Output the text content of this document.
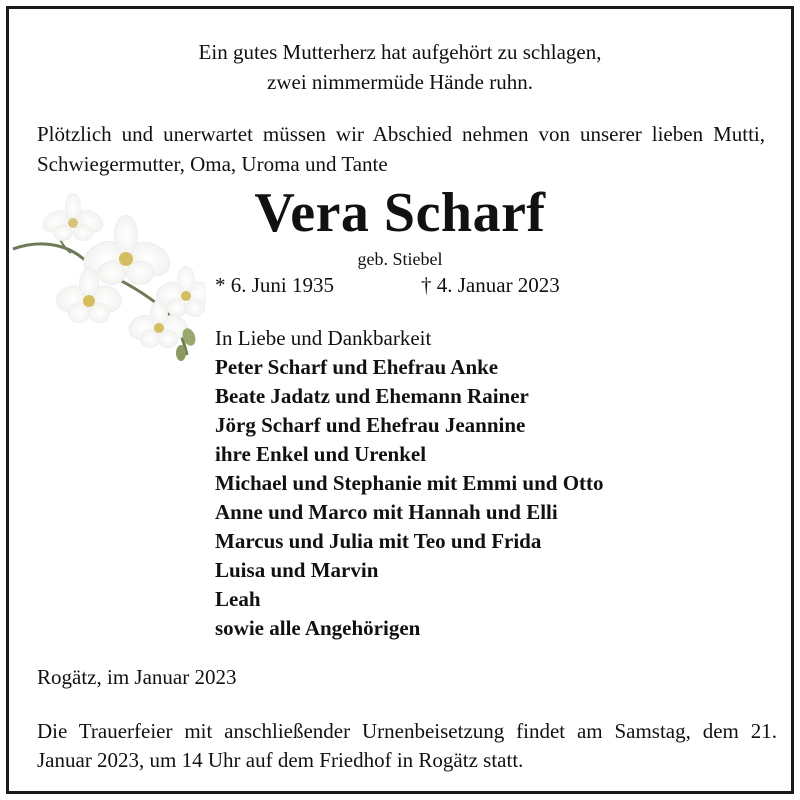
Ein gutes Mutterherz hat aufgehört zu schlagen,
zwei nimmermüde Hände ruhn.
Plötzlich und unerwartet müssen wir Abschied nehmen von unserer lieben Mutti, Schwiegermutter, Oma, Uroma und Tante
Vera Scharf
geb. Stiebel
* 6. Juni 1935	† 4. Januar 2023
In Liebe und Dankbarkeit
Peter Scharf und Ehefrau Anke
Beate Jadatz und Ehemann Rainer
Jörg Scharf und Ehefrau Jeannine
ihre Enkel und Urenkel
Michael und Stephanie mit Emmi und Otto
Anne und Marco mit Hannah und Elli
Marcus und Julia mit Teo und Frida
Luisa und Marvin
Leah
sowie alle Angehörigen
Rogätz, im Januar 2023
Die Trauerfeier mit anschließender Urnenbeisetzung findet am Samstag, dem 21. Januar 2023, um 14 Uhr auf dem Friedhof in Rogätz statt.
